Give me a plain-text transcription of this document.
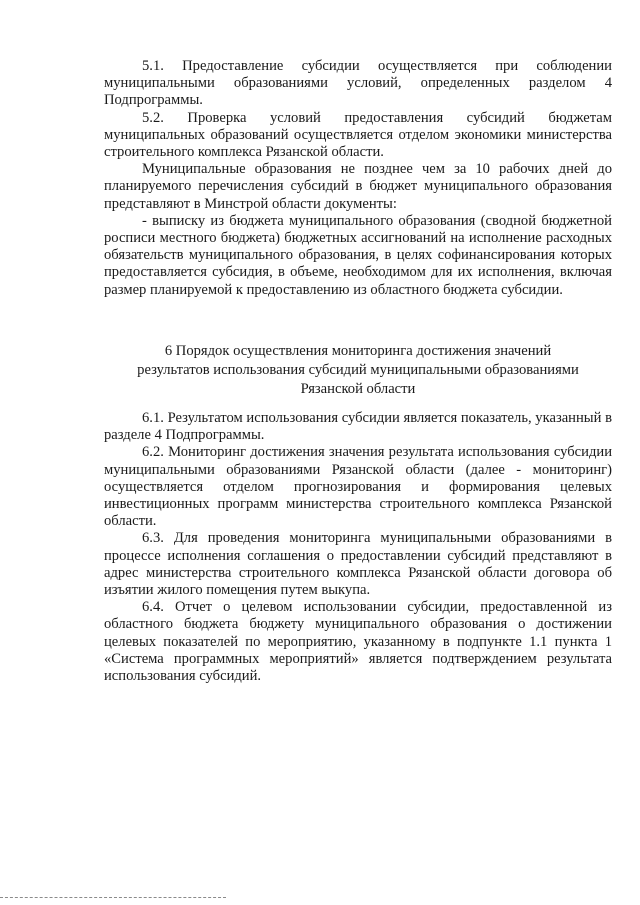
5.1. Предоставление субсидии осуществляется при соблюдении муниципальными образованиями условий, определенных разделом 4 Подпрограммы.

5.2. Проверка условий предоставления субсидий бюджетам муниципальных образований осуществляется отделом экономики министерства строительного комплекса Рязанской области.

Муниципальные образования не позднее чем за 10 рабочих дней до планируемого перечисления субсидий в бюджет муниципального образования представляют в Минстрой области документы:

- выписку из бюджета муниципального образования (сводной бюджетной росписи местного бюджета) бюджетных ассигнований на исполнение расходных обязательств муниципального образования, в целях софинансирования которых предоставляется субсидия, в объеме, необходимом для их исполнения, включая размер планируемой к предоставлению из областного бюджета субсидии.

6 Порядок осуществления мониторинга достижения значений
результатов использования субсидий муниципальными образованиями
Рязанской области

6.1. Результатом использования субсидии является показатель, указанный в разделе 4 Подпрограммы.

6.2. Мониторинг достижения значения результата использования субсидии муниципальными образованиями Рязанской области (далее - мониторинг) осуществляется отделом прогнозирования и формирования целевых инвестиционных программ министерства строительного комплекса Рязанской области.

6.3. Для проведения мониторинга муниципальными образованиями в процессе исполнения соглашения о предоставлении субсидий представляют в адрес министерства строительного комплекса Рязанской области договора об изъятии жилого помещения путем выкупа.

6.4. Отчет о целевом использовании субсидии, предоставленной из областного бюджета бюджету муниципального образования о достижении целевых показателей по мероприятию, указанному в подпункте 1.1 пункта 1 «Система программных мероприятий» является подтверждением результата использования субсидий.
